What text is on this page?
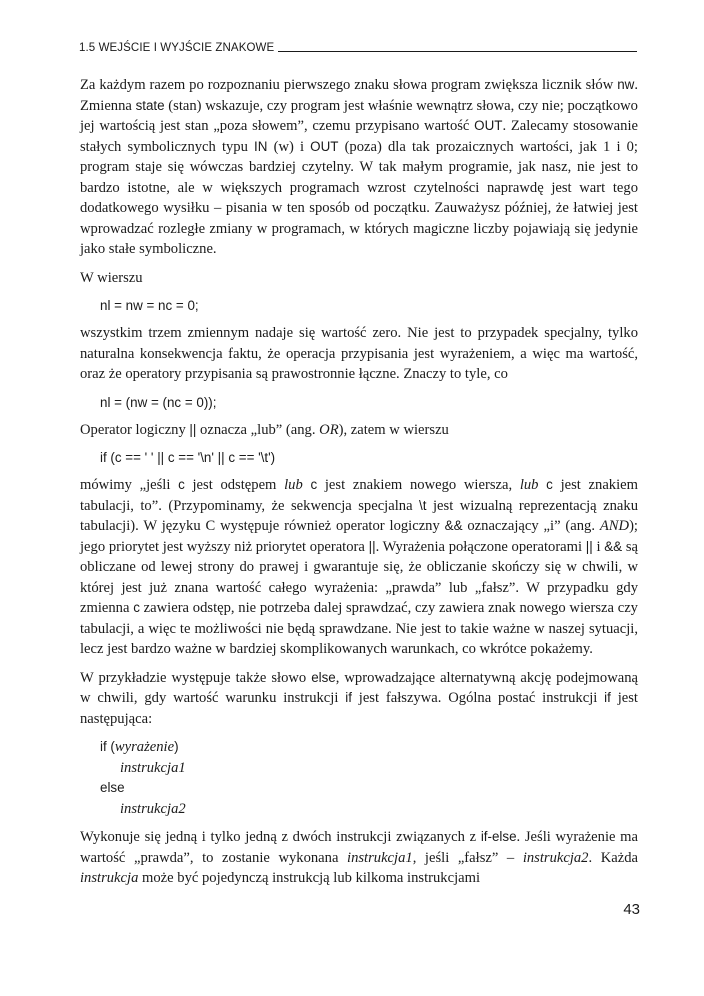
1.5 WEJŚCIE I WYJŚCIE ZNAKOWE

Za każdym razem po rozpoznaniu pierwszego znaku słowa program zwiększa licznik słów nw. Zmienna state (stan) wskazuje, czy program jest właśnie wewnątrz słowa, czy nie; początkowo jej wartością jest stan „poza słowem”, czemu przypisano wartość OUT. Zalecamy stosowanie stałych symbolicznych typu IN (w) i OUT (poza) dla tak prozaicznych wartości, jak 1 i 0; program staje się wówczas bardziej czytelny. W tak małym programie, jak nasz, nie jest to bardzo istotne, ale w większych programach wzrost czytelności naprawdę jest wart tego dodatkowego wysiłku – pisania w ten sposób od początku. Zauważysz później, że łatwiej jest wprowadzać rozległe zmiany w programach, w których magiczne liczby pojawiają się jedynie jako stałe symboliczne.

W wierszu

nl = nw = nc = 0;

wszystkim trzem zmiennym nadaje się wartość zero. Nie jest to przypadek specjalny, tylko naturalna konsekwencja faktu, że operacja przypisania jest wyrażeniem, a więc ma wartość, oraz że operatory przypisania są prawostronnie łączne. Znaczy to tyle, co

nl = (nw = (nc = 0));

Operator logiczny || oznacza „lub” (ang. OR), zatem w wierszu

if (c == ' ' || c == '\n' || c == '\t')

mówimy „jeśli c jest odstępem lub c jest znakiem nowego wiersza, lub c jest znakiem tabulacji, to”. (Przypominamy, że sekwencja specjalna \t jest wizualną reprezentacją znaku tabulacji). W języku C występuje również operator logiczny && oznaczający „i” (ang. AND); jego priorytet jest wyższy niż priorytet operatora ||. Wyrażenia połączone operatorami || i && są obliczane od lewej strony do prawej i gwarantuje się, że obliczanie skończy się w chwili, w której jest już znana wartość całego wyrażenia: „prawda” lub „fałsz”. W przypadku gdy zmienna c zawiera odstęp, nie potrzeba dalej sprawdzać, czy zawiera znak nowego wiersza czy tabulacji, a więc te możliwości nie będą sprawdzane. Nie jest to takie ważne w naszej sytuacji, lecz jest bardzo ważne w bardziej skomplikowanych warunkach, co wkrótce pokażemy.

W przykładzie występuje także słowo else, wprowadzające alternatywną akcję podejmowaną w chwili, gdy wartość warunku instrukcji if jest fałszywa. Ogólna postać instrukcji if jest następująca:

if (wyrażenie)
instrukcja1
else
instrukcja2

Wykonuje się jedną i tylko jedną z dwóch instrukcji związanych z if-else. Jeśli wyrażenie ma wartość „prawda”, to zostanie wykonana instrukcja1, jeśli „fałsz” – instrukcja2. Każda instrukcja może być pojedynczą instrukcją lub kilkoma instrukcjami

43
